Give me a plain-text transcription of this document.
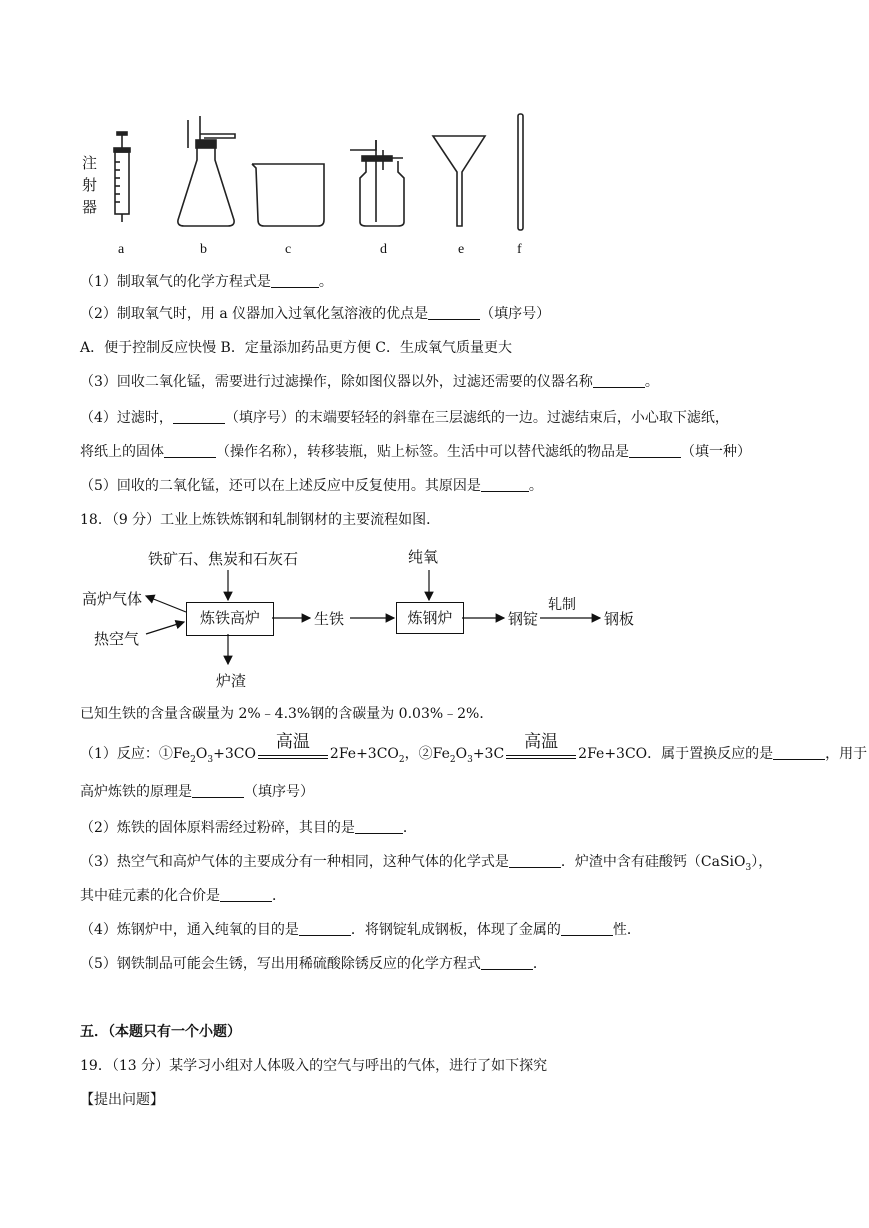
注
射
器
a	b	c	d	e	f
（1）制取氧气的化学方程式是	。
（2）制取氧气时，用 a 仪器加入过氧化氢溶液的优点是	（填序号）
A．便于控制反应快慢 B．定量添加药品更方便 C．生成氧气质量更大
（3）回收二氧化锰，需要进行过滤操作，除如图仪器以外，过滤还需要的仪器名称	。
（4）过滤时，	（填序号）的末端要轻轻的斜靠在三层滤纸的一边。过滤结束后，小心取下滤纸，
将纸上的固体	（操作名称），转移装瓶，贴上标签。生活中可以替代滤纸的物品是	（填一种）
（5）回收的二氧化锰，还可以在上述反应中反复使用。其原因是	。
18．（9 分）工业上炼铁炼钢和轧制钢材的主要流程如图．
铁矿石、焦炭和石灰石
高炉气体
热空气
炼铁高炉
炉渣
生铁
纯氧
炼钢炉	钢锭
轧制
钢板
已知生铁的含量含碳量为 2%﹣4.3%钢的含碳量为 0.03%﹣2%．
（1）反应：$①Fe_2O_3+3CO$
高温
$2Fe+3CO_2$，$②Fe_2O_3+3C$
高温
2Fe+3CO．属于置换反应的是	，用于
高炉炼铁的原理是	（填序号）
（2）炼铁的固体原料需经过粉碎，其目的是	．
（3）热空气和高炉气体的主要成分有一种相同，这种气体的化学式是	．炉渣中含有硅酸钙（CaSiO$_3$），
其中硅元素的化合价是	．
（4）炼钢炉中，通入纯氧的目的是	．将钢锭轧成钢板，体现了金属的	性．
（5）钢铁制品可能会生锈，写出用稀硫酸除锈反应的化学方程式	．
五．（本题只有一个小题）
19．（13 分）某学习小组对人体吸入的空气与呼出的气体，进行了如下探究
【提出问题】
